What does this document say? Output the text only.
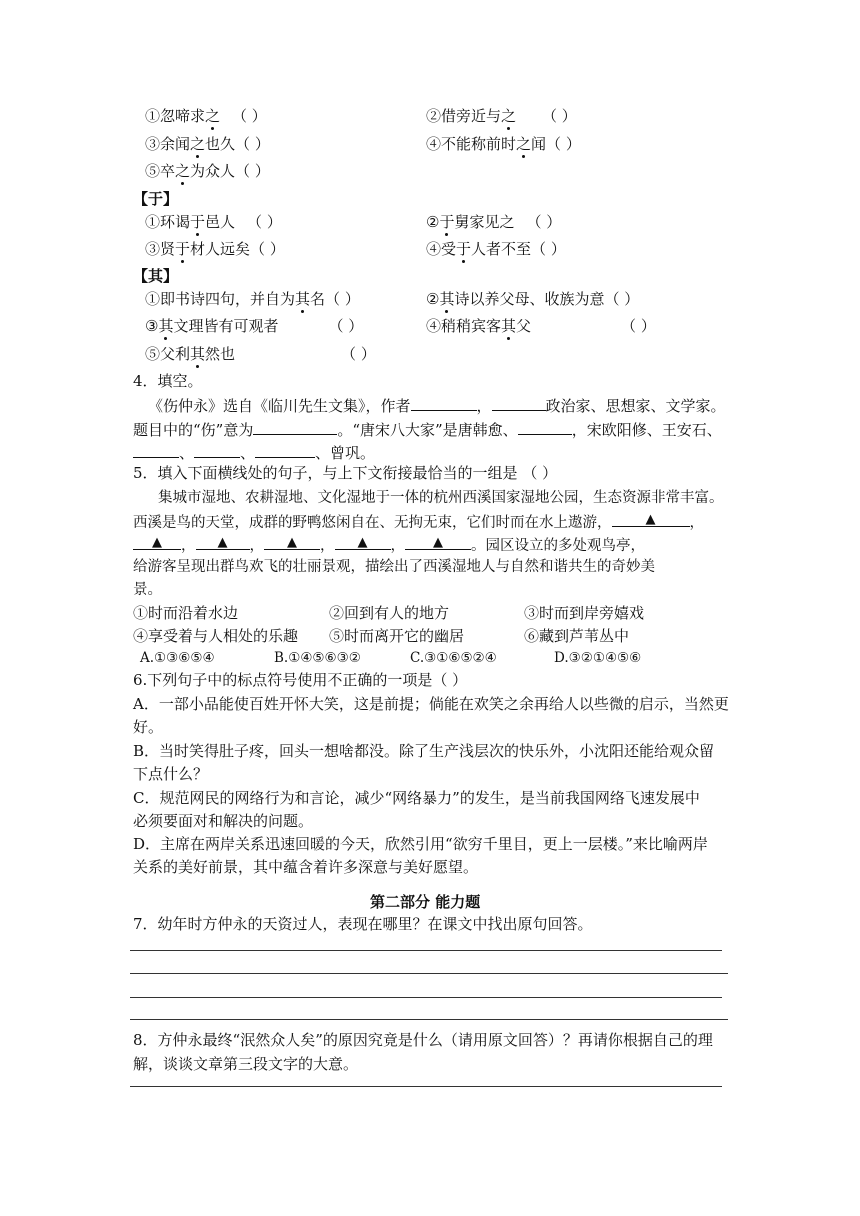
①忽啼求之 （ ）	②借旁近与之 （ ）
③余闻之也久（ ）	④不能称前时之闻（ ）
⑤卒之为众人（ ）
【于】
①环谒于邑人 （ ）	②于舅家见之 （ ）
③贤于材人远矣（ ）	④受于人者不至（ ）
【其】
①即书诗四句，并自为其名（ ）	②其诗以养父母、收族为意（ ）
③其文理皆有可观者	（ ）	④稍稍宾客其父	（ ）
⑤父利其然也	（ ）
4．填空。
《伤仲永》选自《临川先生文集》，作者	，	政治家、思想家、文学家。
题目中的“伤”意为	。“唐宋八大家”是唐韩愈、	，宋欧阳修、王安石、
、	、	、曾巩。
5．填入下面横线处的句子，与上下文衔接最恰当的一组是 （ ）
集城市湿地、农耕湿地、文化湿地于一体的杭州西溪国家湿地公园，生态资源非常丰富。
西溪是鸟的天堂，成群的野鸭悠闲自在、无拘无束，它们时而在水上遨游，	▲ ，
▲ ， ▲ ， ▲ ， ▲ ， ▲ 。园区设立的多处观鸟亭，
给游客呈现出群鸟欢飞的壮丽景观，描绘出了西溪湿地人与自然和谐共生的奇妙美
景。
①时而沿着水边	②回到有人的地方	③时而到岸旁嬉戏
④享受着与人相处的乐趣 ⑤时而离开它的幽居	⑥藏到芦苇丛中
A.①③⑥⑤④	B.①④⑤⑥③②	C.③①⑥⑤②④	D.③②①④⑤⑥
6.下列句子中的标点符号使用不正确的一项是（ ）
A．一部小品能使百姓开怀大笑，这是前提；倘能在欢笑之余再给人以些微的启示，当然更
好。
B．当时笑得肚子疼，回头一想啥都没。除了生产浅层次的快乐外，小沈阳还能给观众留
下点什么？
C．规范网民的网络行为和言论，减少“网络暴力”的发生，是当前我国网络飞速发展中
必须要面对和解决的问题。
D．主席在两岸关系迅速回暖的今天，欣然引用“欲穷千里目，更上一层楼。”来比喻两岸
关系的美好前景，其中蕴含着许多深意与美好愿望。
第二部分 能力题
7．幼年时方仲永的天资过人，表现在哪里？在课文中找出原句回答。
8．方仲永最终“泯然众人矣”的原因究竟是什么（请用原文回答）？再请你根据自己的理
解，谈谈文章第三段文字的大意。
